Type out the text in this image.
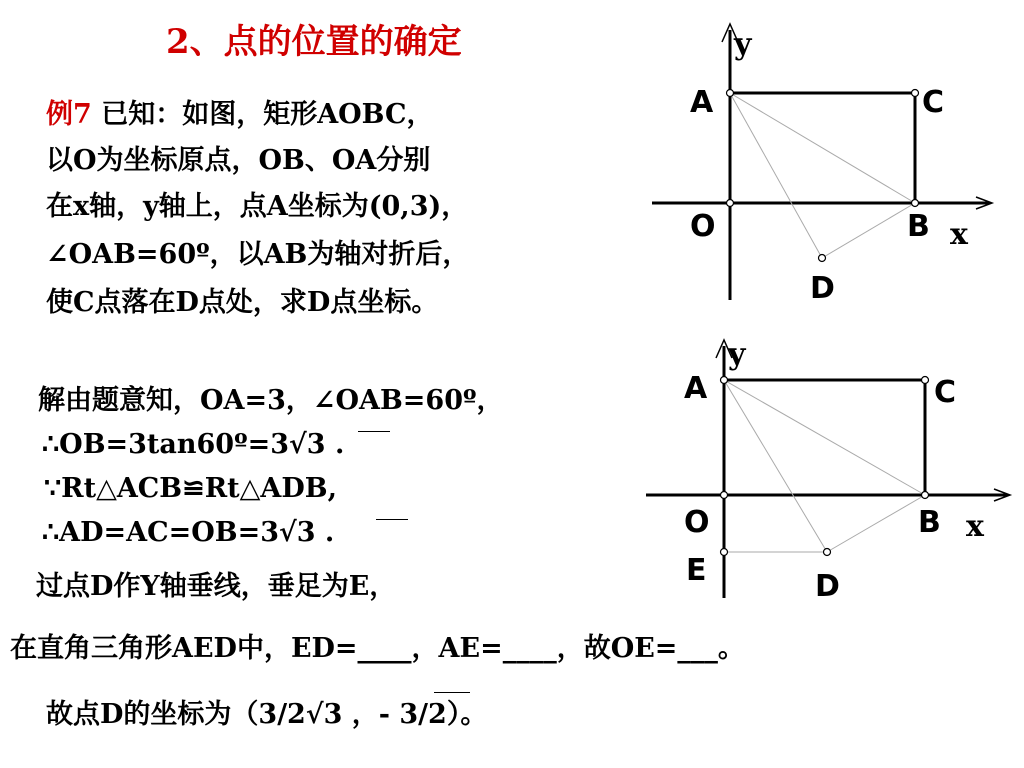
2、点的位置的确定
例7 已知：如图，矩形AOBC，
以O为坐标原点，OB、OA分别
在x轴，y轴上，点A坐标为(0,3)，
∠OAB=60º，以AB为轴对折后，
使C点落在D点处，求D点坐标。
解由题意知，OA=3，∠OAB=60º，
∴OB=3tan60º=3√3 .
∵Rt△ACB≌Rt△ADB,
∴AD=AC=OB=3√3 .
过点D作Y轴垂线，垂足为E，
在直角三角形AED中，ED=____，AE=____，故OE=___。
故点D的坐标为（3/2√3 ，- 3/2）。
y
x
A	C
O	B
D
y
x
A	C
O	B
E	D
